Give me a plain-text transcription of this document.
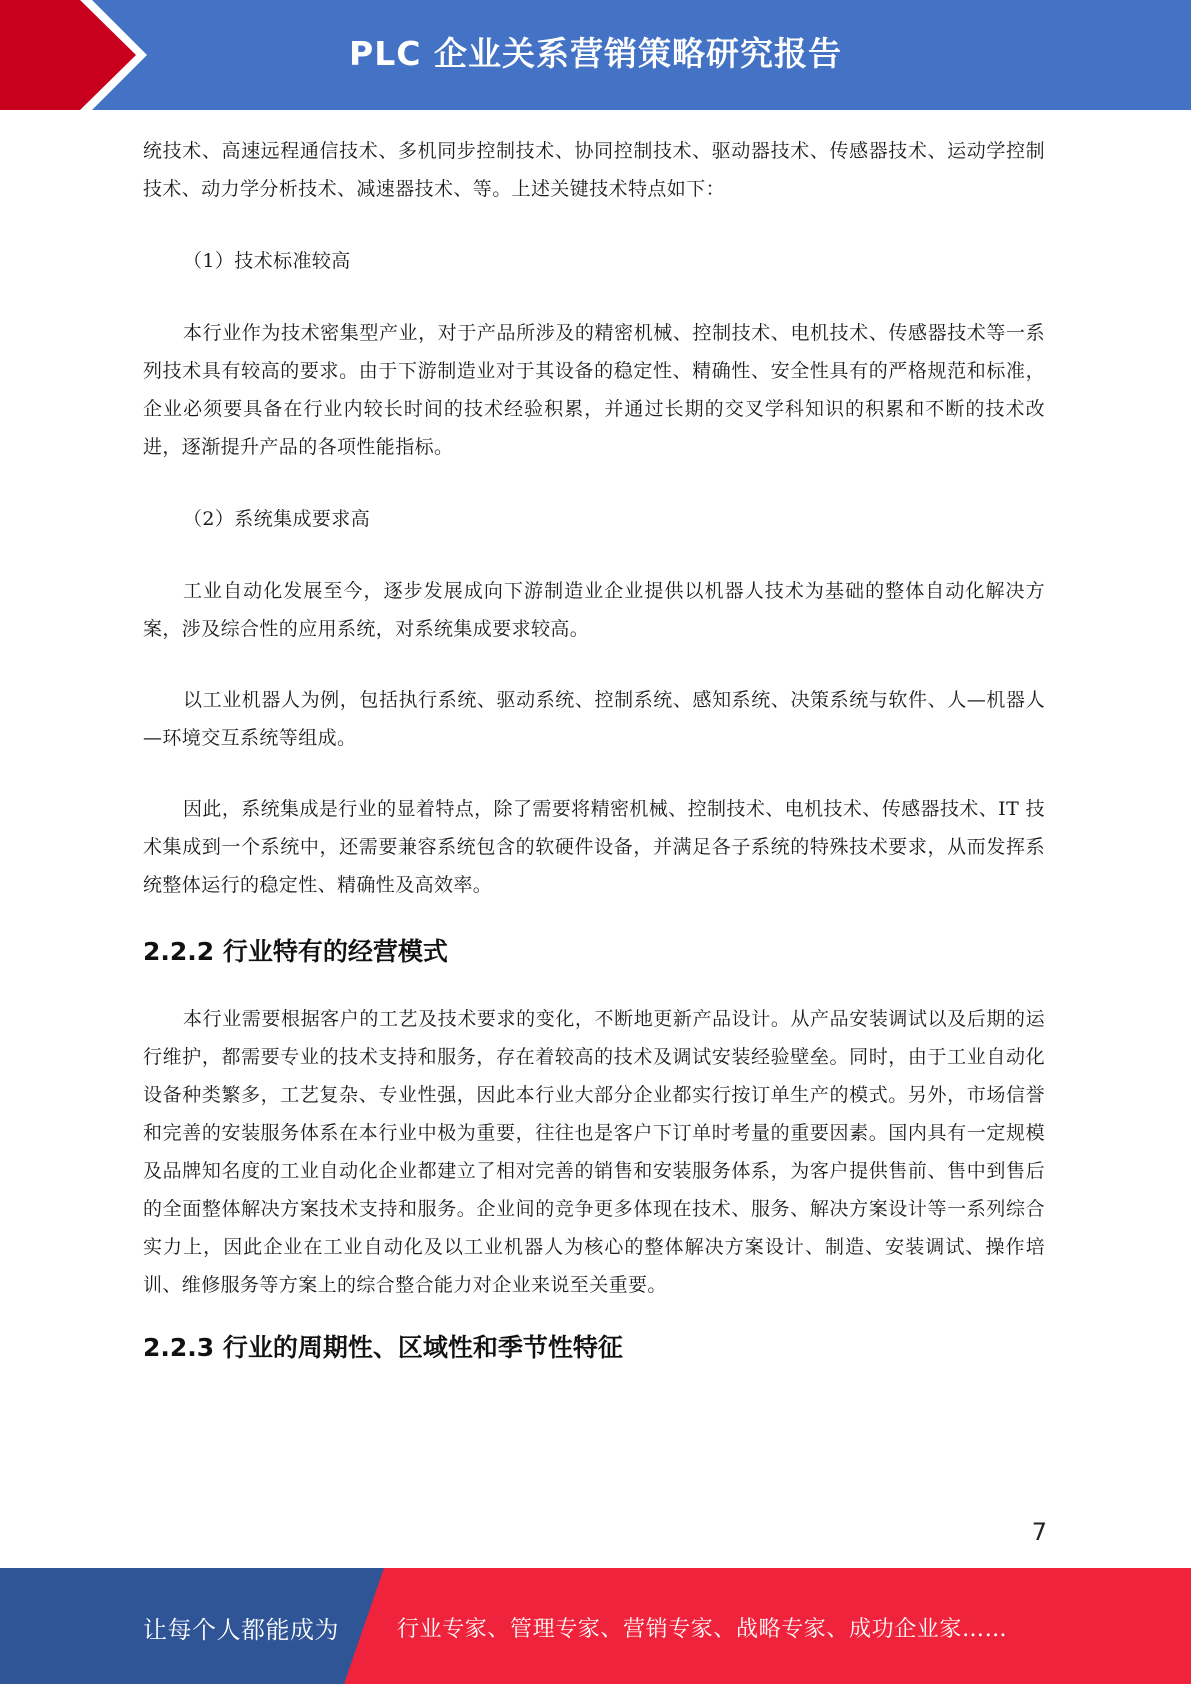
PLC 企业关系营销策略研究报告

统技术、高速远程通信技术、多机同步控制技术、协同控制技术、驱动器技术、传感器技术、运动学控制技术、动力学分析技术、减速器技术、等。上述关键技术特点如下：

（1）技术标准较高

本行业作为技术密集型产业，对于产品所涉及的精密机械、控制技术、电机技术、传感器技术等一系列技术具有较高的要求。由于下游制造业对于其设备的稳定性、精确性、安全性具有的严格规范和标准，企业必须要具备在行业内较长时间的技术经验积累，并通过长期的交叉学科知识的积累和不断的技术改进，逐渐提升产品的各项性能指标。

（2）系统集成要求高

工业自动化发展至今，逐步发展成向下游制造业企业提供以机器人技术为基础的整体自动化解决方案，涉及综合性的应用系统，对系统集成要求较高。

以工业机器人为例，包括执行系统、驱动系统、控制系统、感知系统、决策系统与软件、人—机器人—环境交互系统等组成。

因此，系统集成是行业的显着特点，除了需要将精密机械、控制技术、电机技术、传感器技术、IT 技术集成到一个系统中，还需要兼容系统包含的软硬件设备，并满足各子系统的特殊技术要求，从而发挥系统整体运行的稳定性、精确性及高效率。

2.2.2 行业特有的经营模式

本行业需要根据客户的工艺及技术要求的变化，不断地更新产品设计。从产品安装调试以及后期的运行维护，都需要专业的技术支持和服务，存在着较高的技术及调试安装经验壁垒。同时，由于工业自动化设备种类繁多，工艺复杂、专业性强，因此本行业大部分企业都实行按订单生产的模式。另外，市场信誉和完善的安装服务体系在本行业中极为重要，往往也是客户下订单时考量的重要因素。国内具有一定规模及品牌知名度的工业自动化企业都建立了相对完善的销售和安装服务体系，为客户提供售前、售中到售后的全面整体解决方案技术支持和服务。企业间的竞争更多体现在技术、服务、解决方案设计等一系列综合实力上，因此企业在工业自动化及以工业机器人为核心的整体解决方案设计、制造、安装调试、操作培训、维修服务等方案上的综合整合能力对企业来说至关重要。

2.2.3 行业的周期性、区域性和季节性特征
7
让每个人都能成为	行业专家、管理专家、营销专家、战略专家、成功企业家……
